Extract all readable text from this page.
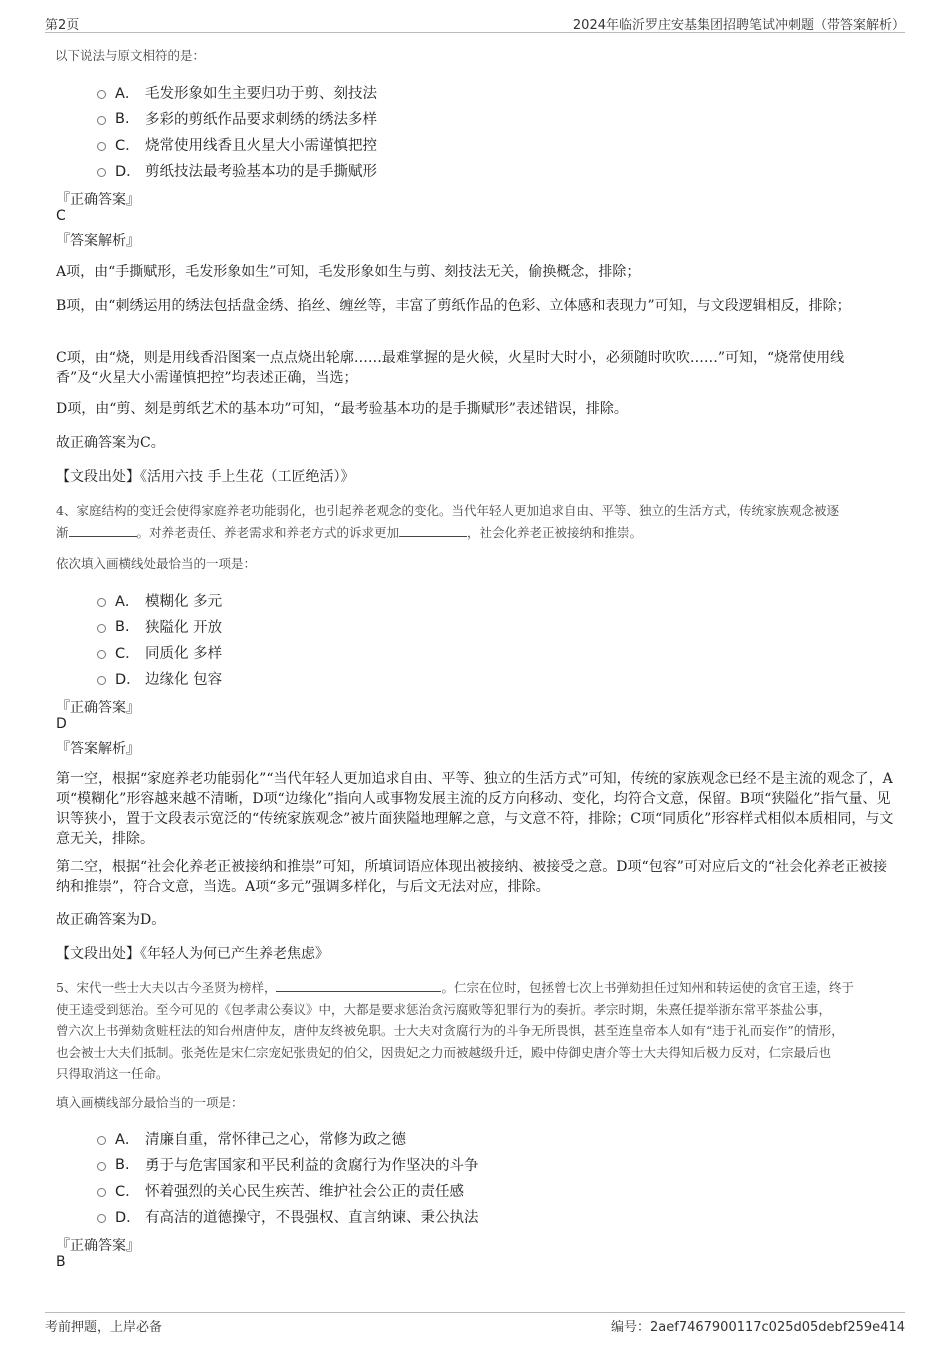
第2页	2024年临沂罗庄安基集团招聘笔试冲刺题（带答案解析）
以下说法与原文相符的是：
A． 毛发形象如生主要归功于剪、刻技法
B.	多彩的剪纸作品要求刺绣的绣法多样
C． 烧常使用线香且火星大小需谨慎把控
D． 剪纸技法最考验基本功的是手撕赋形
『正确答案』
C
『答案解析』
A项，由“手撕赋形，毛发形象如生”可知，毛发形象如生与剪、刻技法无关，偷换概念，排除；
B项，由“刺绣运用的绣法包括盘金绣、掐丝、缠丝等，丰富了剪纸作品的色彩、立体感和表现力”可知，与文段逻辑相反，排除；
C项，由“烧，则是用线香沿图案一点点烧出轮廓……最难掌握的是火候，火星时大时小，必须随时吹吹……”可知，“烧常使用线香”及“火星大小需谨慎把控”均表述正确，当选；
D项，由“剪、刻是剪纸艺术的基本功”可知，“最考验基本功的是手撕赋形”表述错误，排除。
故正确答案为C。
【文段出处】《活用六技 手上生花（工匠绝活）》
4、家庭结构的变迁会使得家庭养老功能弱化，也引起养老观念的变化。当代年轻人更加追求自由、平等、独立的生活方式，传统家族观念被逐
渐	。对养老责任、养老需求和养老方式的诉求更加	，社会化养老正被接纳和推崇。
依次填入画横线处最恰当的一项是：
A． 模糊化 多元
B.	狭隘化 开放
C． 同质化 多样
D． 边缘化 包容
『正确答案』
D
『答案解析』
第一空，根据“家庭养老功能弱化”“当代年轻人更加追求自由、平等、独立的生活方式”可知，传统的家族观念已经不是主流的观念了，A项“模糊化”形容越来越不清晰，D项“边缘化”指向人或事物发展主流的反方向移动、变化，均符合文意，保留。B项“狭隘化”指气量、见识等狭小，置于文段表示宽泛的“传统家族观念”被片面狭隘地理解之意，与文意不符，排除；C项“同质化”形容样式相似本质相同，与文意无关，排除。
第二空，根据“社会化养老正被接纳和推崇”可知，所填词语应体现出被接纳、被接受之意。D项“包容”可对应后文的“社会化养老正被接纳和推崇”，符合文意，当选。A项“多元”强调多样化，与后文无法对应，排除。
故正确答案为D。
【文段出处】《年轻人为何已产生养老焦虑》
5、宋代一些士大夫以古今圣贤为榜样，	。仁宗在位时，包拯曾七次上书弹劾担任过知州和转运使的贪官王逵，终于
使王逵受到惩治。至今可见的《包孝肃公奏议》中，大都是要求惩治贪污腐败等犯罪行为的奏折。孝宗时期，朱熹任提举浙东常平茶盐公事，
曾六次上书弹劾贪赃枉法的知台州唐仲友，唐仲友终被免职。士大夫对贪腐行为的斗争无所畏惧，甚至连皇帝本人如有“违于礼而妄作”的情形，
也会被士大夫们抵制。张尧佐是宋仁宗宠妃张贵妃的伯父，因贵妃之力而被越级升迁，殿中侍御史唐介等士大夫得知后极力反对，仁宗最后也
只得取消这一任命。
填入画横线部分最恰当的一项是：
A． 清廉自重，常怀律己之心，常修为政之德
B.	勇于与危害国家和平民利益的贪腐行为作坚决的斗争
C． 怀着强烈的关心民生疾苦、维护社会公正的责任感
D． 有高洁的道德操守，不畏强权、直言纳谏、秉公执法
『正确答案』
B
考前押题，上岸必备	编号：2aef7467900117c025d05debf259e414
